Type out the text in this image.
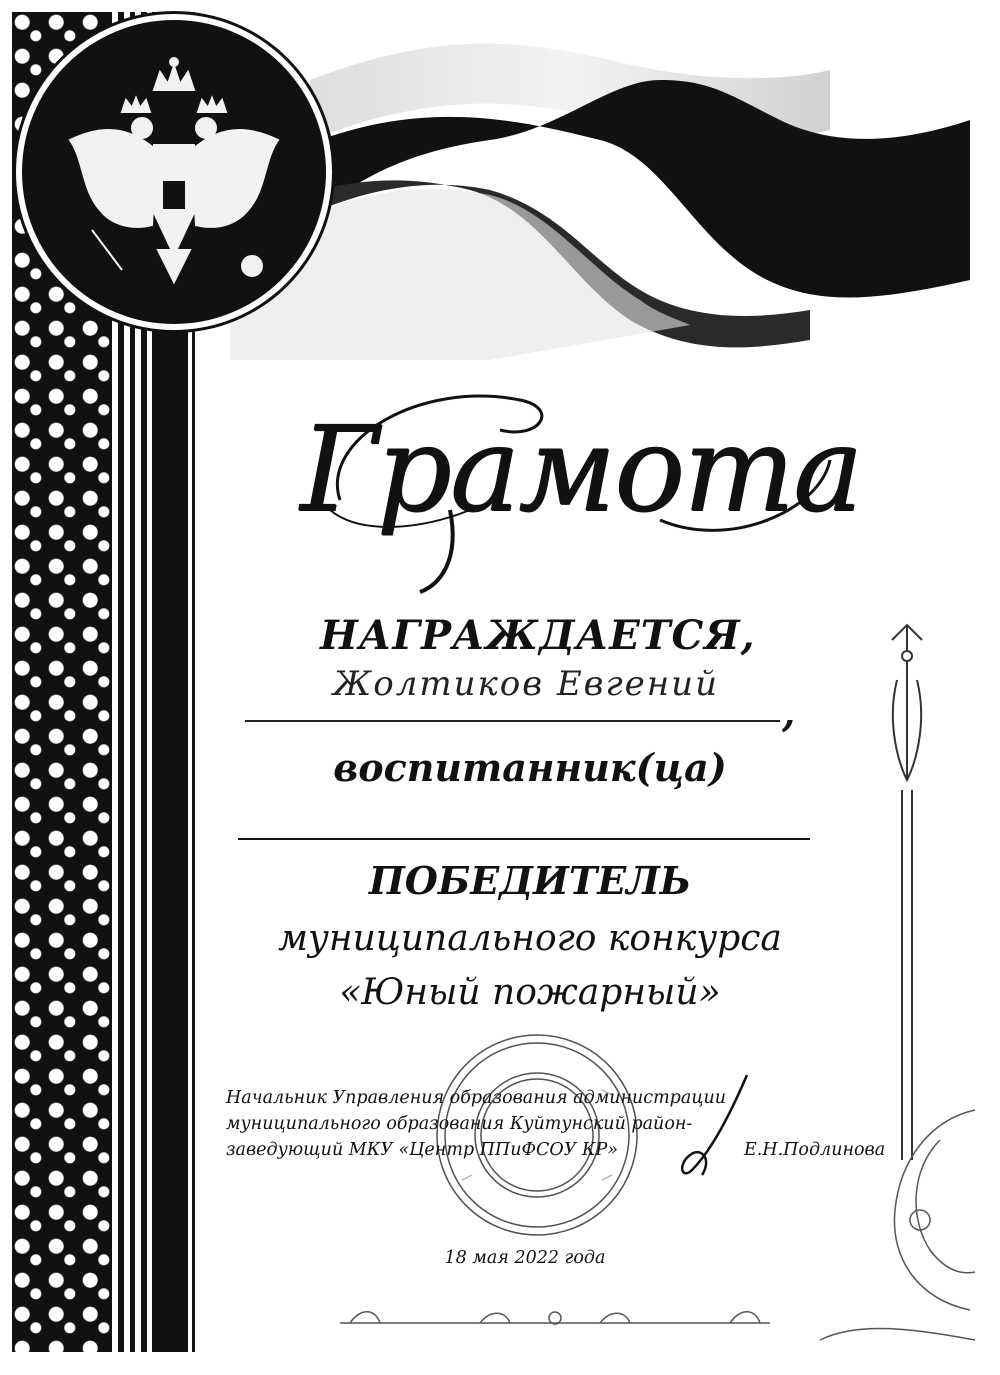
Грамота
НАГРАЖДАЕТСЯ,
Жолтиков Евгений
,
воспитанник(ца)
ПОБЕДИТЕЛЬ
муниципального конкурса
«Юный пожарный»
Начальник Управления образования администрации
муниципального образования Куйтунский район-
заведующий МКУ «Центр ППиФСОУ КР»	Е.Н.Подлинова
18 мая 2022 года
